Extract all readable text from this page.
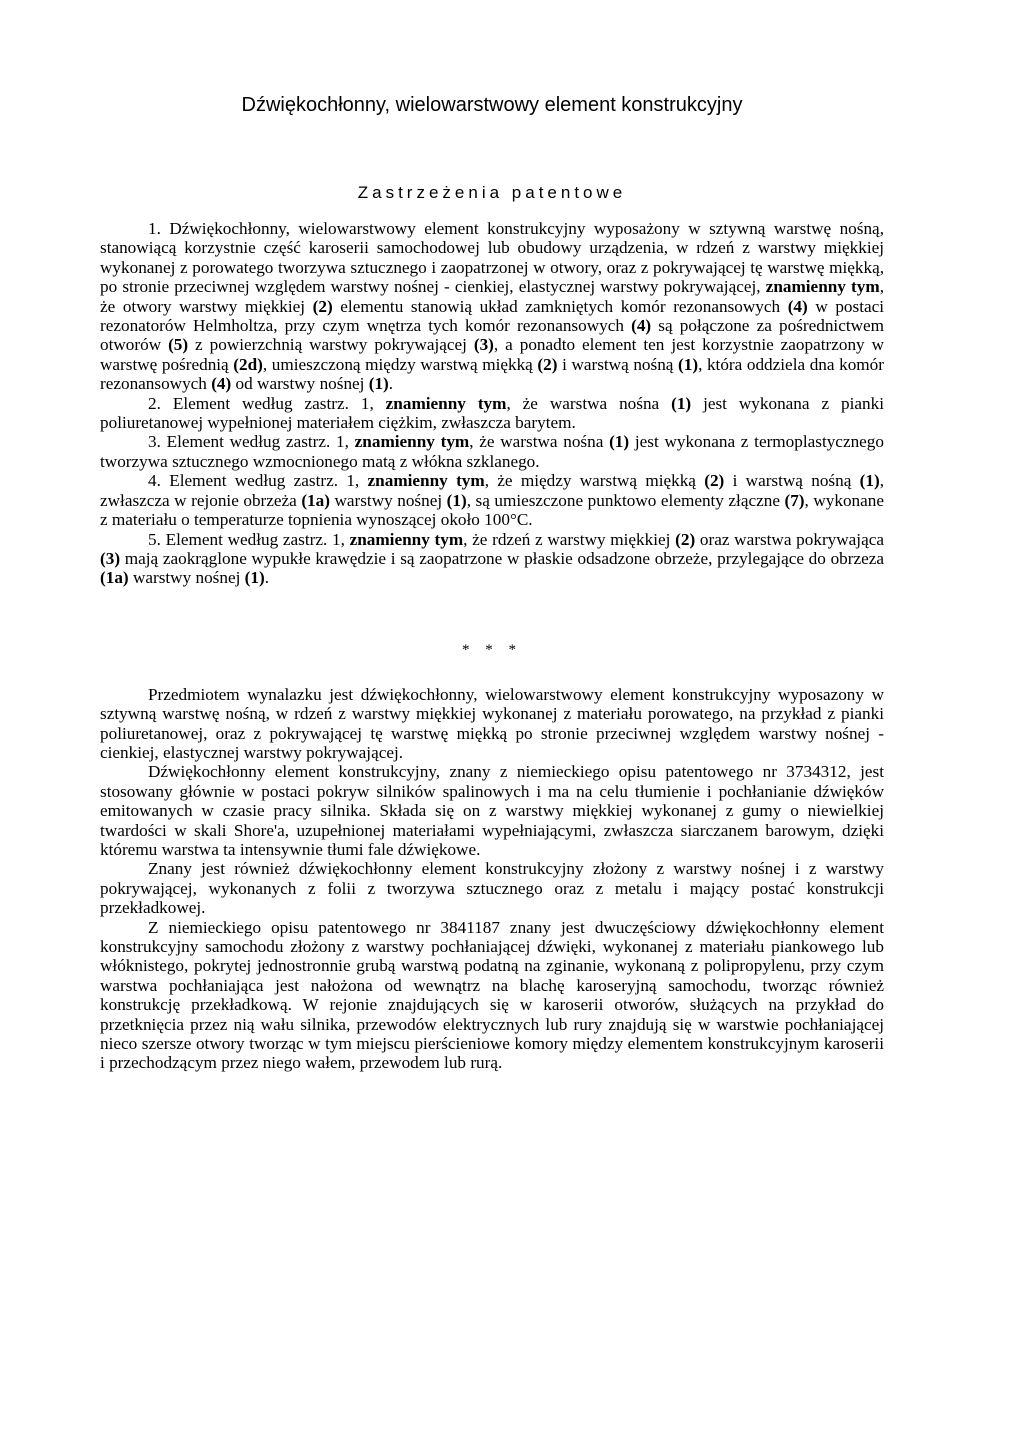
Dźwiękochłonny, wielowarstwowy element konstrukcyjny
Zastrzeżenia patentowe

1. Dźwiękochłonny, wielowarstwowy element konstrukcyjny wyposażony w sztywną warstwę nośną, stanowiącą korzystnie część karoserii samochodowej lub obudowy urządzenia, w rdzeń z warstwy miękkiej wykonanej z porowatego tworzywa sztucznego i zaopatrzonej w otwory, oraz z pokrywającej tę warstwę miękką, po stronie przeciwnej względem warstwy nośnej - cienkiej, elastycznej warstwy pokrywającej, znamienny tym, że otwory warstwy miękkiej (2) elementu stanowią układ zamkniętych komór rezonansowych (4) w postaci rezonatorów Helmholtza, przy czym wnętrza tych komór rezonansowych (4) są połączone za pośrednictwem otworów (5) z powierzchnią warstwy pokrywającej (3), a ponadto element ten jest korzystnie zaopatrzony w warstwę pośrednią (2d), umieszczoną między warstwą miękką (2) i warstwą nośną (1), która oddziela dna komór rezonansowych (4) od warstwy nośnej (1).

2. Element według zastrz. 1, znamienny tym, że warstwa nośna (1) jest wykonana z pianki poliuretanowej wypełnionej materiałem ciężkim, zwłaszcza barytem.

3. Element według zastrz. 1, znamienny tym, że warstwa nośna (1) jest wykonana z termoplastycznego tworzywa sztucznego wzmocnionego matą z włókna szklanego.

4. Element według zastrz. 1, znamienny tym, że między warstwą miękką (2) i warstwą nośną (1), zwłaszcza w rejonie obrzeża (1a) warstwy nośnej (1), są umieszczone punktowo elementy złączne (7), wykonane z materiału o temperaturze topnienia wynoszącej około 100°C.

5. Element według zastrz. 1, znamienny tym, że rdzeń z warstwy miękkiej (2) oraz warstwa pokrywająca (3) mają zaokrąglone wypukłe krawędzie i są zaopatrzone w płaskie odsadzone obrzeże, przylegające do obrzeza (1a) warstwy nośnej (1).

* * *

Przedmiotem wynalazku jest dźwiękochłonny, wielowarstwowy element konstrukcyjny wyposazony w sztywną warstwę nośną, w rdzeń z warstwy miękkiej wykonanej z materiału porowatego, na przykład z pianki poliuretanowej, oraz z pokrywającej tę warstwę miękką po stronie przeciwnej względem warstwy nośnej - cienkiej, elastycznej warstwy pokrywającej.

Dźwiękochłonny element konstrukcyjny, znany z niemieckiego opisu patentowego nr 3734312, jest stosowany głównie w postaci pokryw silników spalinowych i ma na celu tłumienie i pochłanianie dźwięków emitowanych w czasie pracy silnika. Składa się on z warstwy miękkiej wykonanej z gumy o niewielkiej twardości w skali Shore'a, uzupełnionej materiałami wypełniającymi, zwłaszcza siarczanem barowym, dzięki któremu warstwa ta intensywnie tłumi fale dźwiękowe.

Znany jest również dźwiękochłonny element konstrukcyjny złożony z warstwy nośnej i z warstwy pokrywającej, wykonanych z folii z tworzywa sztucznego oraz z metalu i mający postać konstrukcji przekładkowej.

Z niemieckiego opisu patentowego nr 3841187 znany jest dwuczęściowy dźwiękochłonny element konstrukcyjny samochodu złożony z warstwy pochłaniającej dźwięki, wykonanej z materiału piankowego lub włóknistego, pokrytej jednostronnie grubą warstwą podatną na zginanie, wykonaną z polipropylenu, przy czym warstwa pochłaniająca jest nałożona od wewnątrz na blachę karoseryjną samochodu, tworząc również konstrukcję przekładkową. W rejonie znajdujących się w karoserii otworów, służących na przykład do przetknięcia przez nią wału silnika, przewodów elektrycznych lub rury znajdują się w warstwie pochłaniającej nieco szersze otwory tworząc w tym miejscu pierścieniowe komory między elementem konstrukcyjnym karoserii i przechodzącym przez niego wałem, przewodem lub rurą.
